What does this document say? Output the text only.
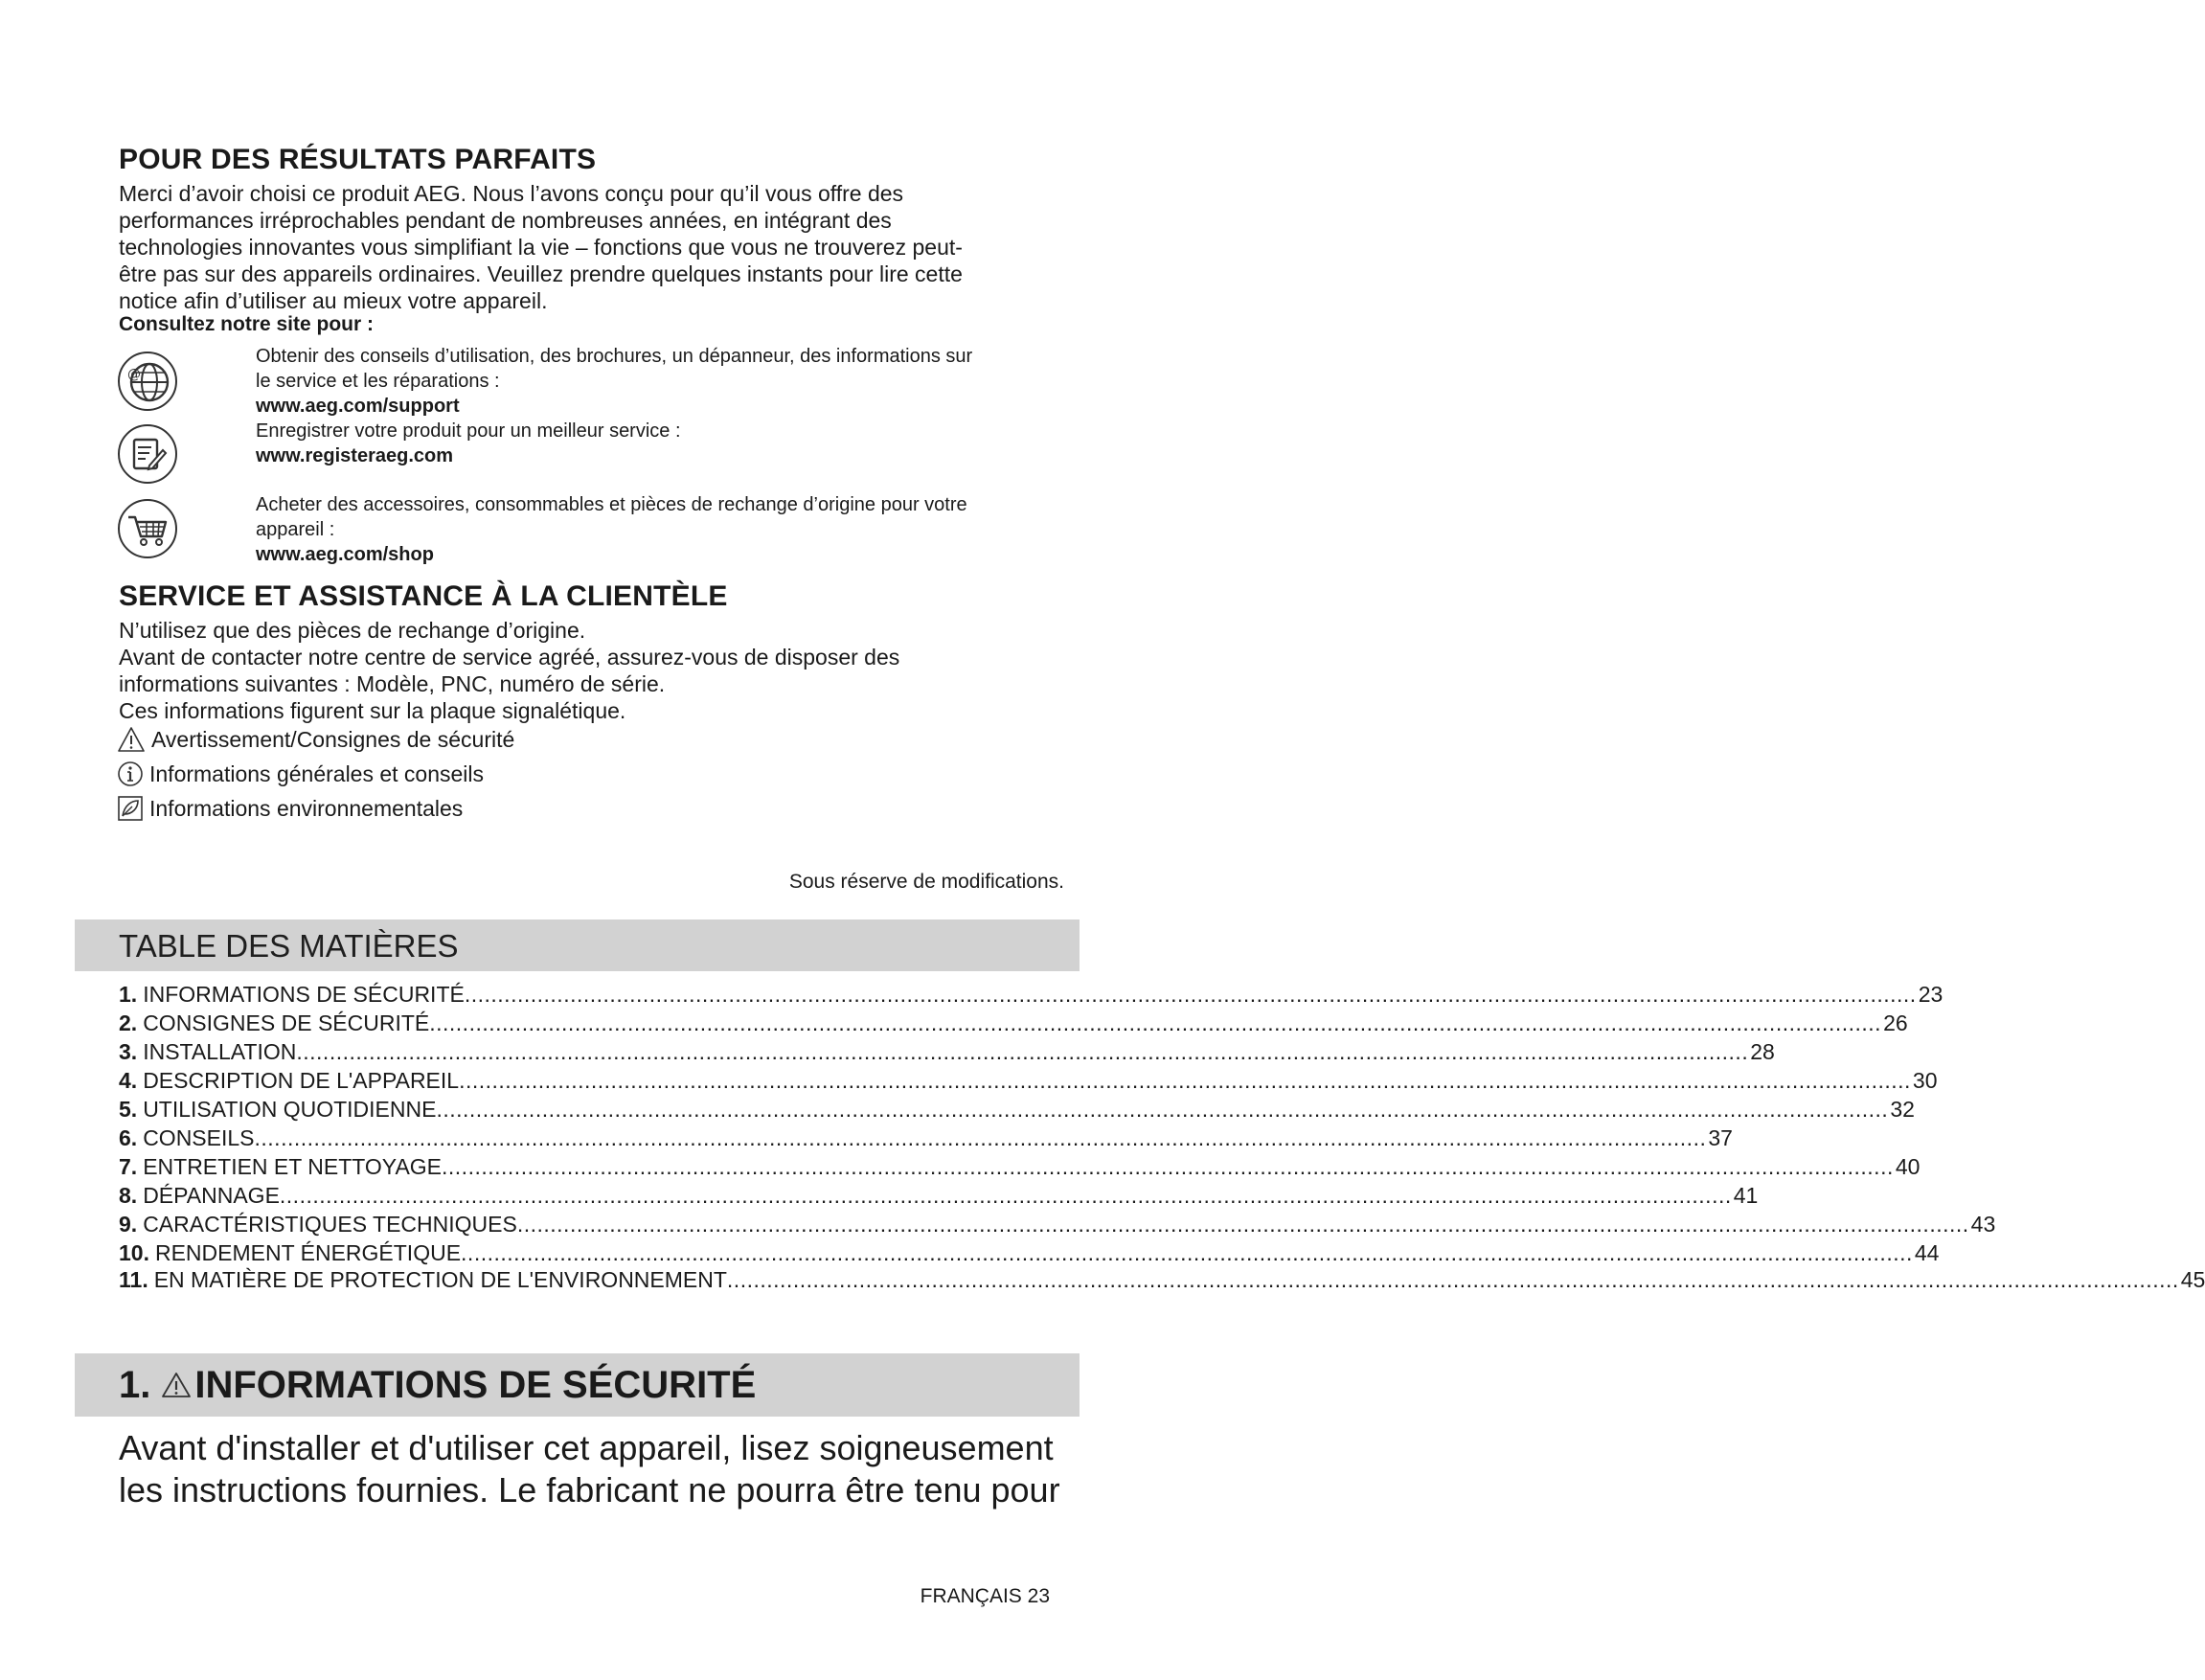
POUR DES RÉSULTATS PARFAITS
Merci d’avoir choisi ce produit AEG. Nous l’avons conçu pour qu’il vous offre des
performances irréprochables pendant de nombreuses années, en intégrant des
technologies innovantes vous simplifiant la vie – fonctions que vous ne trouverez peut-
être pas sur des appareils ordinaires. Veuillez prendre quelques instants pour lire cette
notice afin d’utiliser au mieux votre appareil.
Consultez notre site pour :
@
Obtenir des conseils d’utilisation, des brochures, un dépanneur, des informations sur
le service et les réparations :
www.aeg.com/support
Enregistrer votre produit pour un meilleur service :
www.registeraeg.com
Acheter des accessoires, consommables et pièces de rechange d’origine pour votre
appareil :
www.aeg.com/shop
SERVICE ET ASSISTANCE À LA CLIENTÈLE
N’utilisez que des pièces de rechange d’origine.
Avant de contacter notre centre de service agréé, assurez-vous de disposer des
informations suivantes : Modèle, PNC, numéro de série.
Ces informations figurent sur la plaque signalétique.
Avertissement/Consignes de sécurité
Informations générales et conseils
Informations environnementales
Sous réserve de modifications.
TABLE DES MATIÈRES
1. INFORMATIONS DE SÉCURITÉ ............................................................................................................................................................................................................................ 23
2. CONSIGNES DE SÉCURITÉ ............................................................................................................................................................................................................................ 26
3. INSTALLATION ............................................................................................................................................................................................................................ 28
4. DESCRIPTION DE L'APPAREIL ............................................................................................................................................................................................................................ 30
5. UTILISATION QUOTIDIENNE ............................................................................................................................................................................................................................ 32
6. CONSEILS ............................................................................................................................................................................................................................ 37
7. ENTRETIEN ET NETTOYAGE ............................................................................................................................................................................................................................ 40
8. DÉPANNAGE ............................................................................................................................................................................................................................ 41
9. CARACTÉRISTIQUES TECHNIQUES ............................................................................................................................................................................................................................ 43
10. RENDEMENT ÉNERGÉTIQUE ............................................................................................................................................................................................................................ 44
11. EN MATIÈRE DE PROTECTION DE L'ENVIRONNEMENT ............................................................................................................................................................................................................................ 45
1. INFORMATIONS DE SÉCURITÉ
Avant d'installer et d'utiliser cet appareil, lisez soigneusement
les instructions fournies. Le fabricant ne pourra être tenu pour
FRANÇAIS 23
